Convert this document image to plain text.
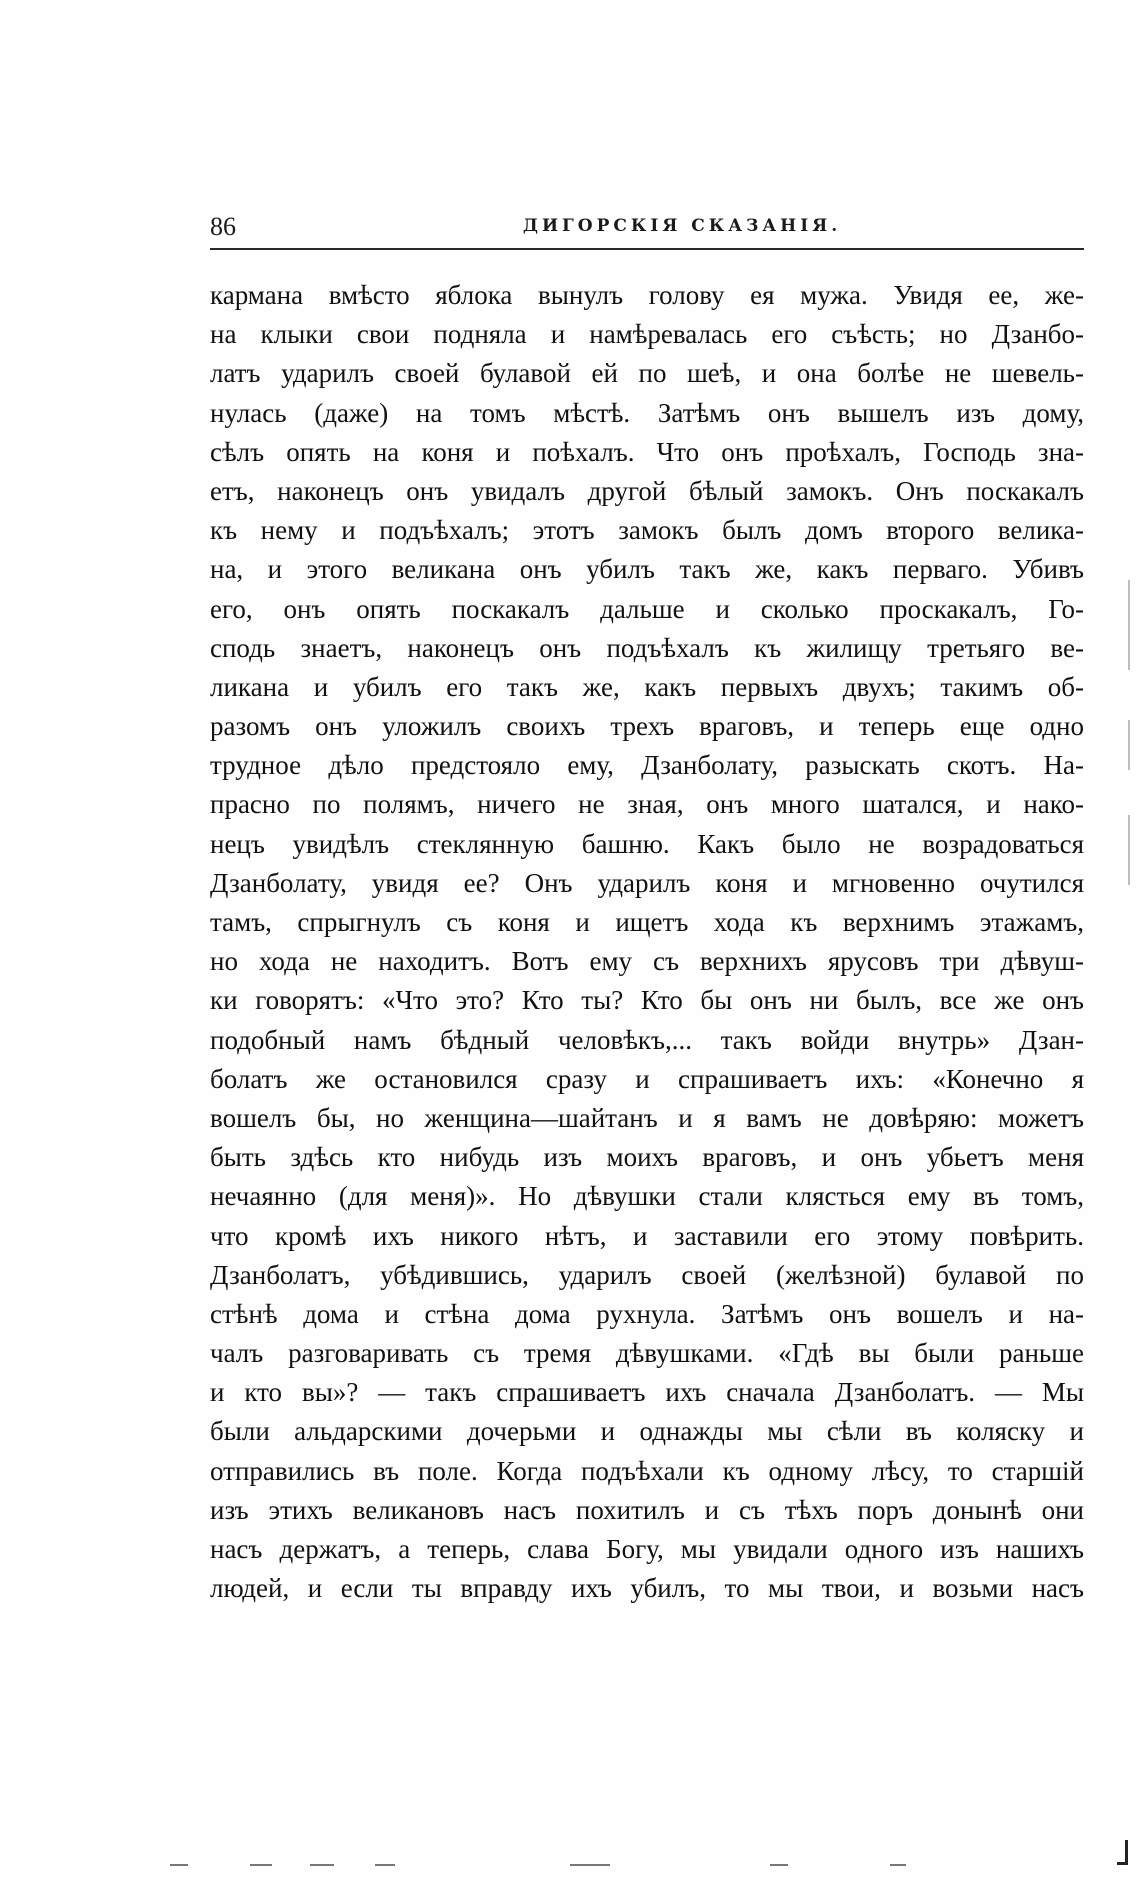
86	ДИГОРСКІЯ СКАЗАНІЯ.
кармана вмѣсто яблока вынулъ голову ея мужа. Увидя ее, же-
на клыки свои подняла и намѣревалась его съѣсть; но Дзанбо-
латъ ударилъ своей булавой ей по шеѣ, и она болѣе не шевель-
нулась (даже) на томъ мѣстѣ. Затѣмъ онъ вышелъ изъ дому,
сѣлъ опять на коня и поѣхалъ. Что онъ проѣхалъ, Господь зна-
етъ, наконецъ онъ увидалъ другой бѣлый замокъ. Онъ поскакалъ
къ нему и подъѣхалъ; этотъ замокъ былъ домъ второго велика-
на, и этого великана онъ убилъ такъ же, какъ перваго. Убивъ
его, онъ опять поскакалъ дальше и сколько проскакалъ, Го-
сподь знаетъ, наконецъ онъ подъѣхалъ къ жилищу третьяго ве-
ликана и убилъ его такъ же, какъ первыхъ двухъ; такимъ об-
разомъ онъ уложилъ своихъ трехъ враговъ, и теперь еще одно
трудное дѣло предстояло ему, Дзанболату, разыскать скотъ. На-
прасно по полямъ, ничего не зная, онъ много шатался, и нако-
нецъ увидѣлъ стеклянную башню. Какъ было не возрадоваться
Дзанболату, увидя ее? Онъ ударилъ коня и мгновенно очутился
тамъ, спрыгнулъ съ коня и ищетъ хода къ верхнимъ этажамъ,
но хода не находитъ. Вотъ ему съ верхнихъ ярусовъ три дѣвуш-
ки говорятъ: «Что это? Кто ты? Кто бы онъ ни былъ, все же онъ
подобный намъ бѣдный человѣкъ,... такъ войди внутрь» Дзан-
болатъ же остановился сразу и спрашиваетъ ихъ: «Конечно я
вошелъ бы, но женщина—шайтанъ и я вамъ не довѣряю: можетъ
быть здѣсь кто нибудь изъ моихъ враговъ, и онъ убьетъ меня
нечаянно (для меня)». Но дѣвушки стали клясться ему въ томъ,
что кромѣ ихъ никого нѣтъ, и заставили его этому повѣрить.
Дзанболатъ, убѣдившись, ударилъ своей (желѣзной) булавой по
стѣнѣ дома и стѣна дома рухнула. Затѣмъ онъ вошелъ и на-
чалъ разговаривать съ тремя дѣвушками. «Гдѣ вы были раньше
и кто вы»? — такъ спрашиваетъ ихъ сначала Дзанболатъ. — Мы
были альдарскими дочерьми и однажды мы сѣли въ коляску и
отправились въ поле. Когда подъѣхали къ одному лѣсу, то старшій
изъ этихъ великановъ насъ похитилъ и съ тѣхъ поръ донынѣ они
насъ держатъ, а теперь, слава Богу, мы увидали одного изъ нашихъ
людей, и если ты вправду ихъ убилъ, то мы твои, и возьми насъ
